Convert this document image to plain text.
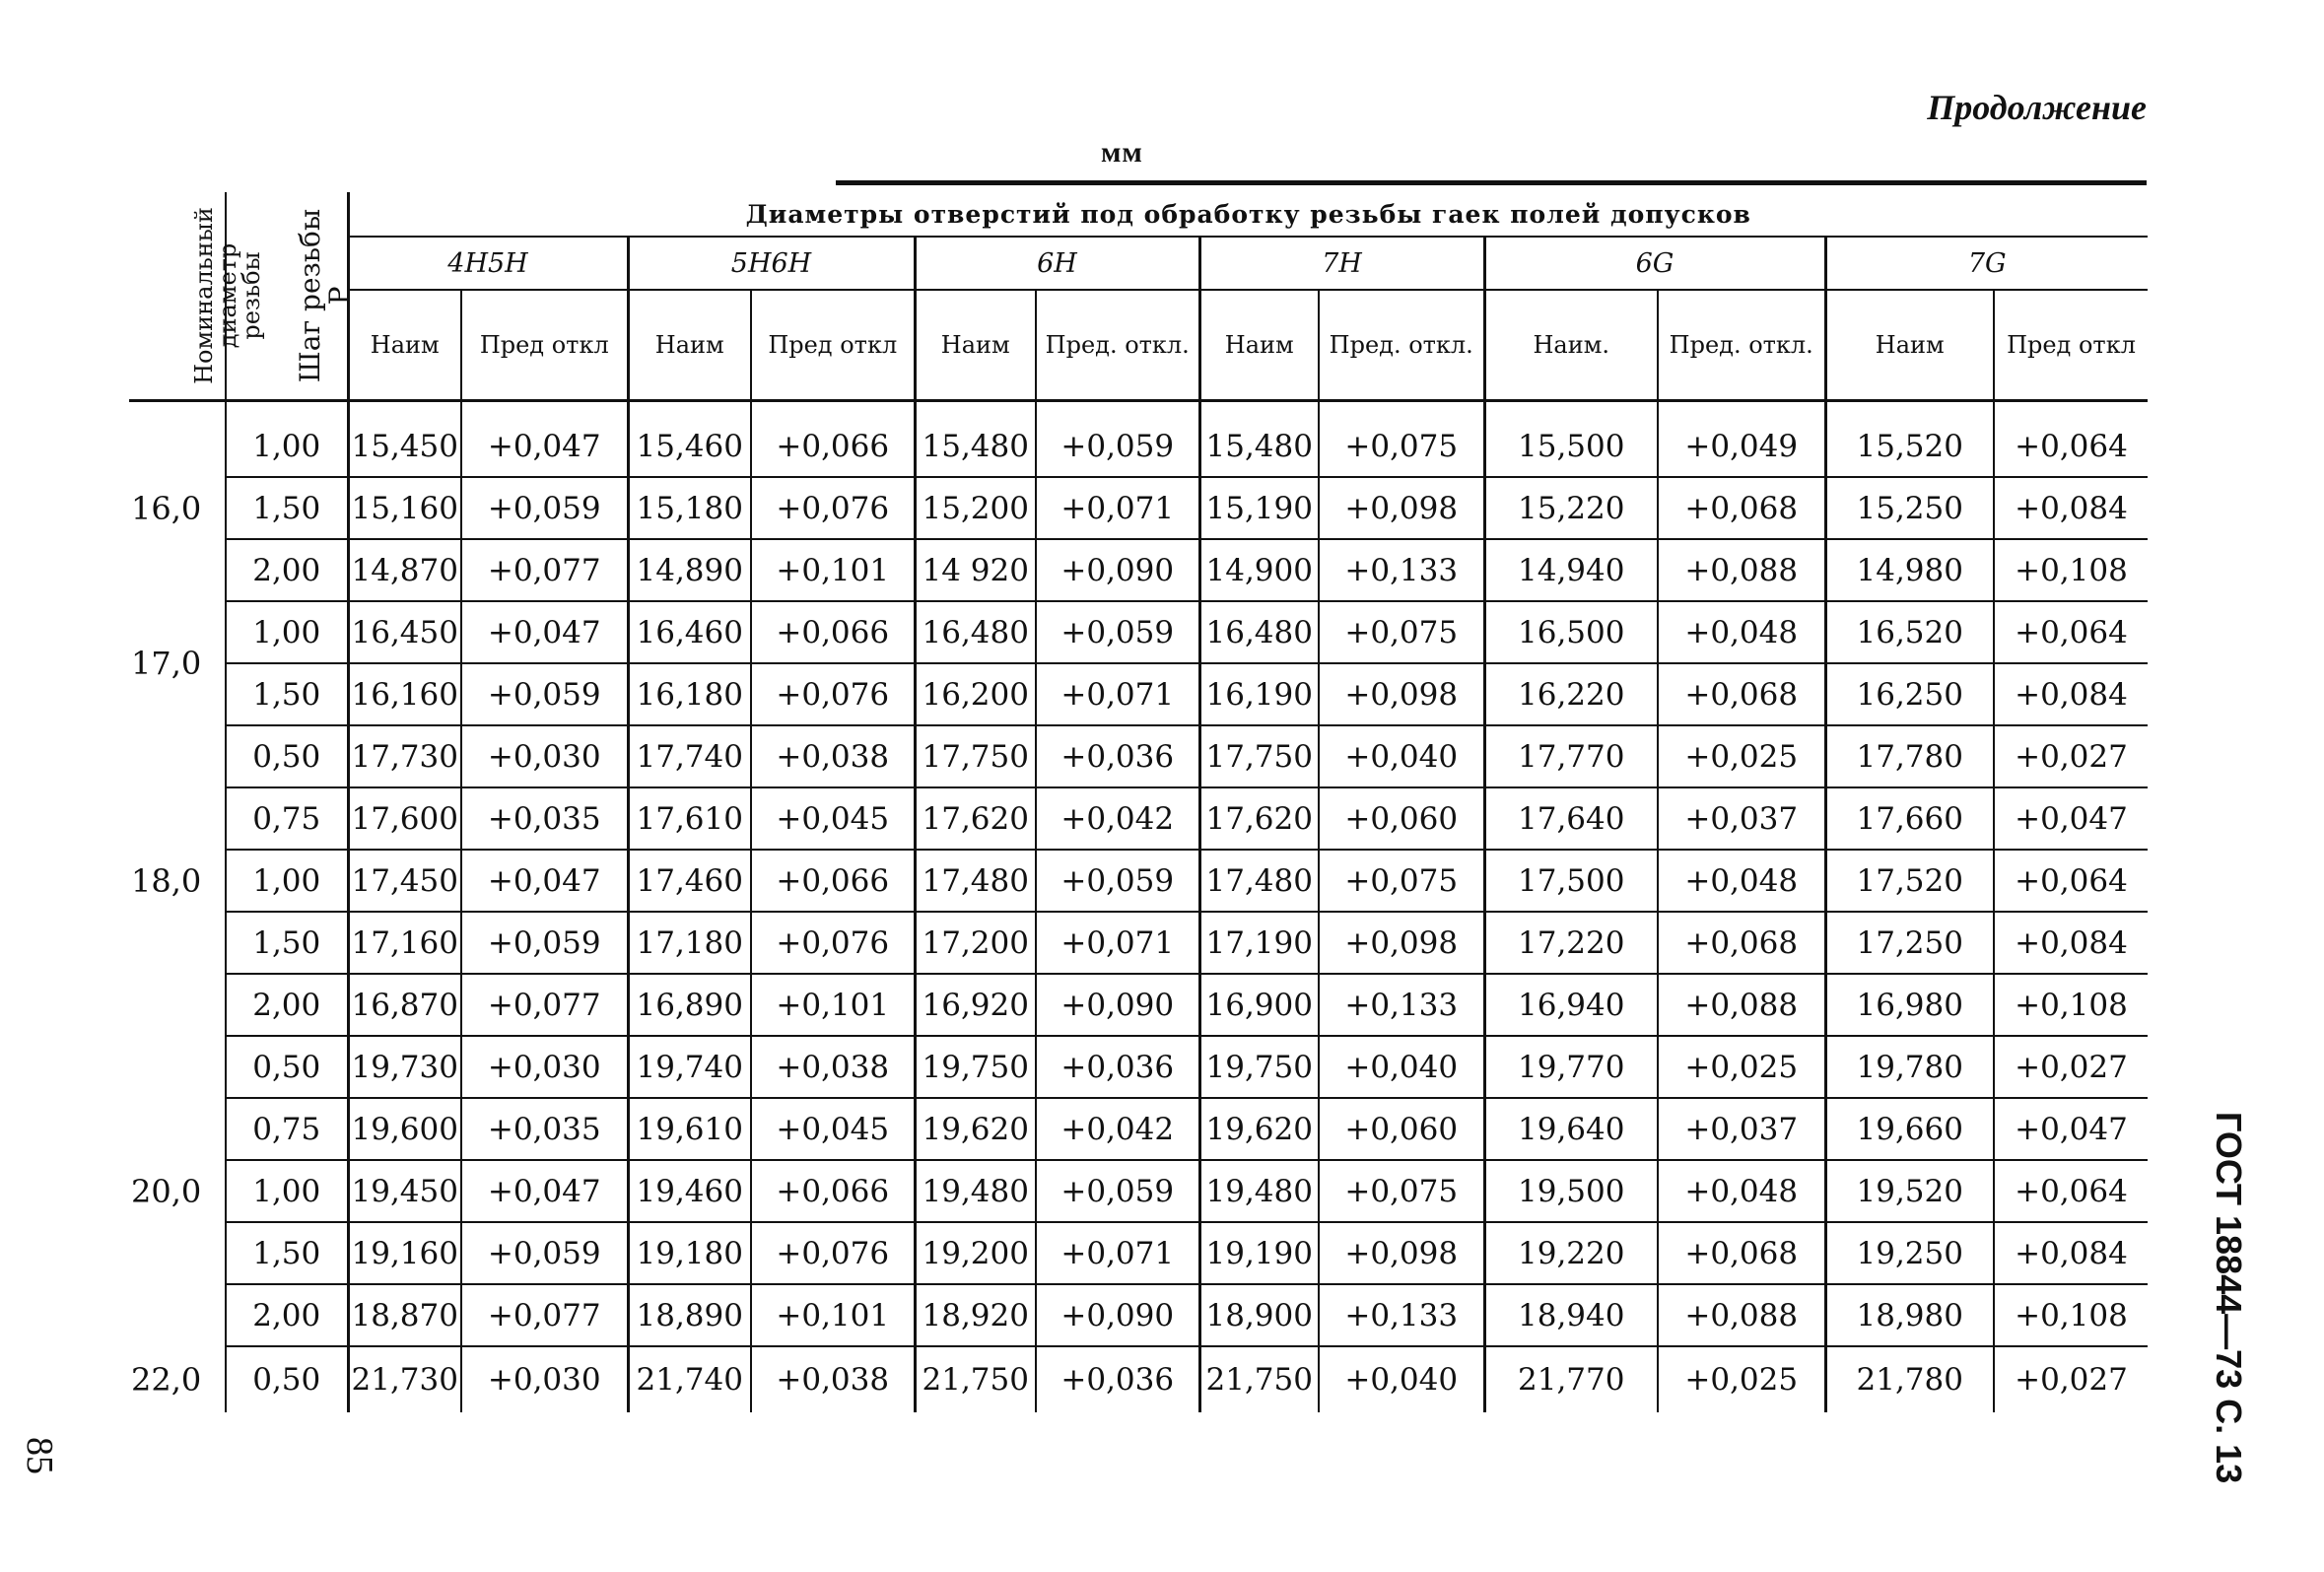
Продолжение
мм
Номинальный диаметр резьбы	Шаг резьбы P	Диаметры отверстий под обработку резьбы гаек полей допусков											
		4H5H		5H6H		6H		7H		6G		7G	
		Наим	Пред откл	Наим	Пред откл	Наим	Пред. откл.	Наим	Пред. откл.	Наим.	Пред. откл.	Наим	Пред откл

16,0	1,00	15,450	+0,047	15,460	+0,066	15,480	+0,059	15,480	+0,075	15,500	+0,049	15,520	+0,064
	1,50	15,160	+0,059	15,180	+0,076	15,200	+0,071	15,190	+0,098	15,220	+0,068	15,250	+0,084
	2,00	14,870	+0,077	14,890	+0,101	14 920	+0,090	14,900	+0,133	14,940	+0,088	14,980	+0,108
17,0	1,00	16,450	+0,047	16,460	+0,066	16,480	+0,059	16,480	+0,075	16,500	+0,048	16,520	+0,064
	1,50	16,160	+0,059	16,180	+0,076	16,200	+0,071	16,190	+0,098	16,220	+0,068	16,250	+0,084
18,0	0,50	17,730	+0,030	17,740	+0,038	17,750	+0,036	17,750	+0,040	17,770	+0,025	17,780	+0,027
	0,75	17,600	+0,035	17,610	+0,045	17,620	+0,042	17,620	+0,060	17,640	+0,037	17,660	+0,047
	1,00	17,450	+0,047	17,460	+0,066	17,480	+0,059	17,480	+0,075	17,500	+0,048	17,520	+0,064
	1,50	17,160	+0,059	17,180	+0,076	17,200	+0,071	17,190	+0,098	17,220	+0,068	17,250	+0,084
	2,00	16,870	+0,077	16,890	+0,101	16,920	+0,090	16,900	+0,133	16,940	+0,088	16,980	+0,108
20,0	0,50	19,730	+0,030	19,740	+0,038	19,750	+0,036	19,750	+0,040	19,770	+0,025	19,780	+0,027
	0,75	19,600	+0,035	19,610	+0,045	19,620	+0,042	19,620	+0,060	19,640	+0,037	19,660	+0,047
	1,00	19,450	+0,047	19,460	+0,066	19,480	+0,059	19,480	+0,075	19,500	+0,048	19,520	+0,064
	1,50	19,160	+0,059	19,180	+0,076	19,200	+0,071	19,190	+0,098	19,220	+0,068	19,250	+0,084
	2,00	18,870	+0,077	18,890	+0,101	18,920	+0,090	18,900	+0,133	18,940	+0,088	18,980	+0,108
22,0	0,50	21,730	+0,030	21,740	+0,038	21,750	+0,036	21,750	+0,040	21,770	+0,025	21,780	+0,027
85	ГОСТ 18844—73 С. 13
